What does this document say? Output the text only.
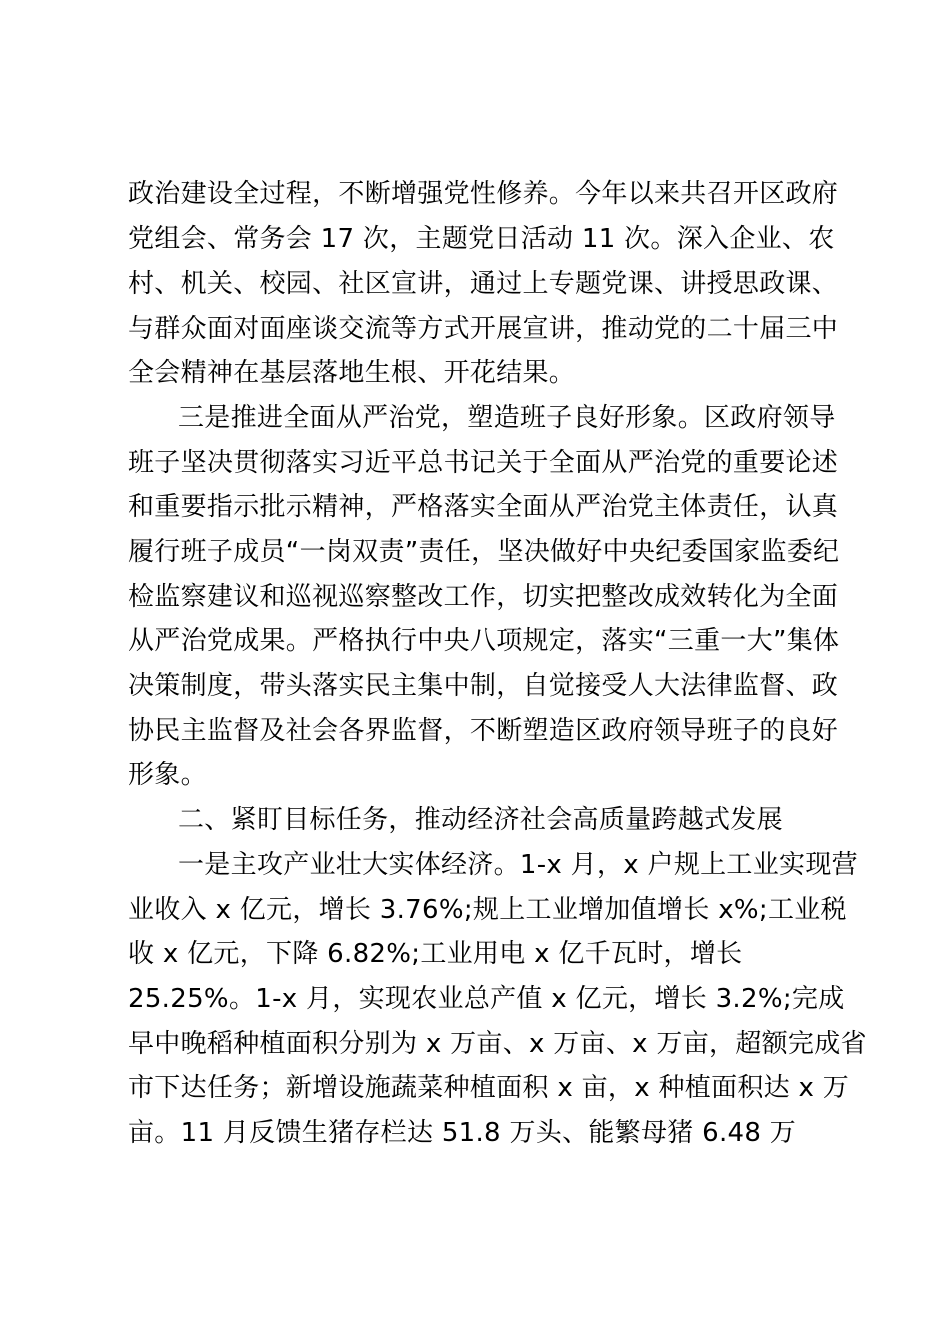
政治建设全过程，不断增强党性修养。今年以来共召开区政府
党组会、常务会 17 次，主题党日活动 11 次。深入企业、农
村、机关、校园、社区宣讲，通过上专题党课、讲授思政课、
与群众面对面座谈交流等方式开展宣讲，推动党的二十届三中
全会精神在基层落地生根、开花结果。
三是推进全面从严治党，塑造班子良好形象。区政府领导
班子坚决贯彻落实习近平总书记关于全面从严治党的重要论述
和重要指示批示精神，严格落实全面从严治党主体责任，认真
履行班子成员“一岗双责”责任，坚决做好中央纪委国家监委纪
检监察建议和巡视巡察整改工作，切实把整改成效转化为全面
从严治党成果。严格执行中央八项规定，落实“三重一大”集体
决策制度，带头落实民主集中制，自觉接受人大法律监督、政
协民主监督及社会各界监督，不断塑造区政府领导班子的良好
形象。
二、紧盯目标任务，推动经济社会高质量跨越式发展
一是主攻产业壮大实体经济。1-x 月，x 户规上工业实现营
业收入 x 亿元，增长 3.76%;规上工业增加值增长 x%;工业税
收 x 亿元，下降 6.82%;工业用电 x 亿千瓦时，增长
25.25%。1-x 月，实现农业总产值 x 亿元，增长 3.2%;完成
早中晚稻种植面积分别为 x 万亩、x 万亩、x 万亩，超额完成省
市下达任务；新增设施蔬菜种植面积 x 亩，x 种植面积达 x 万
亩。11 月反馈生猪存栏达 51.8 万头、能繁母猪 6.48 万
